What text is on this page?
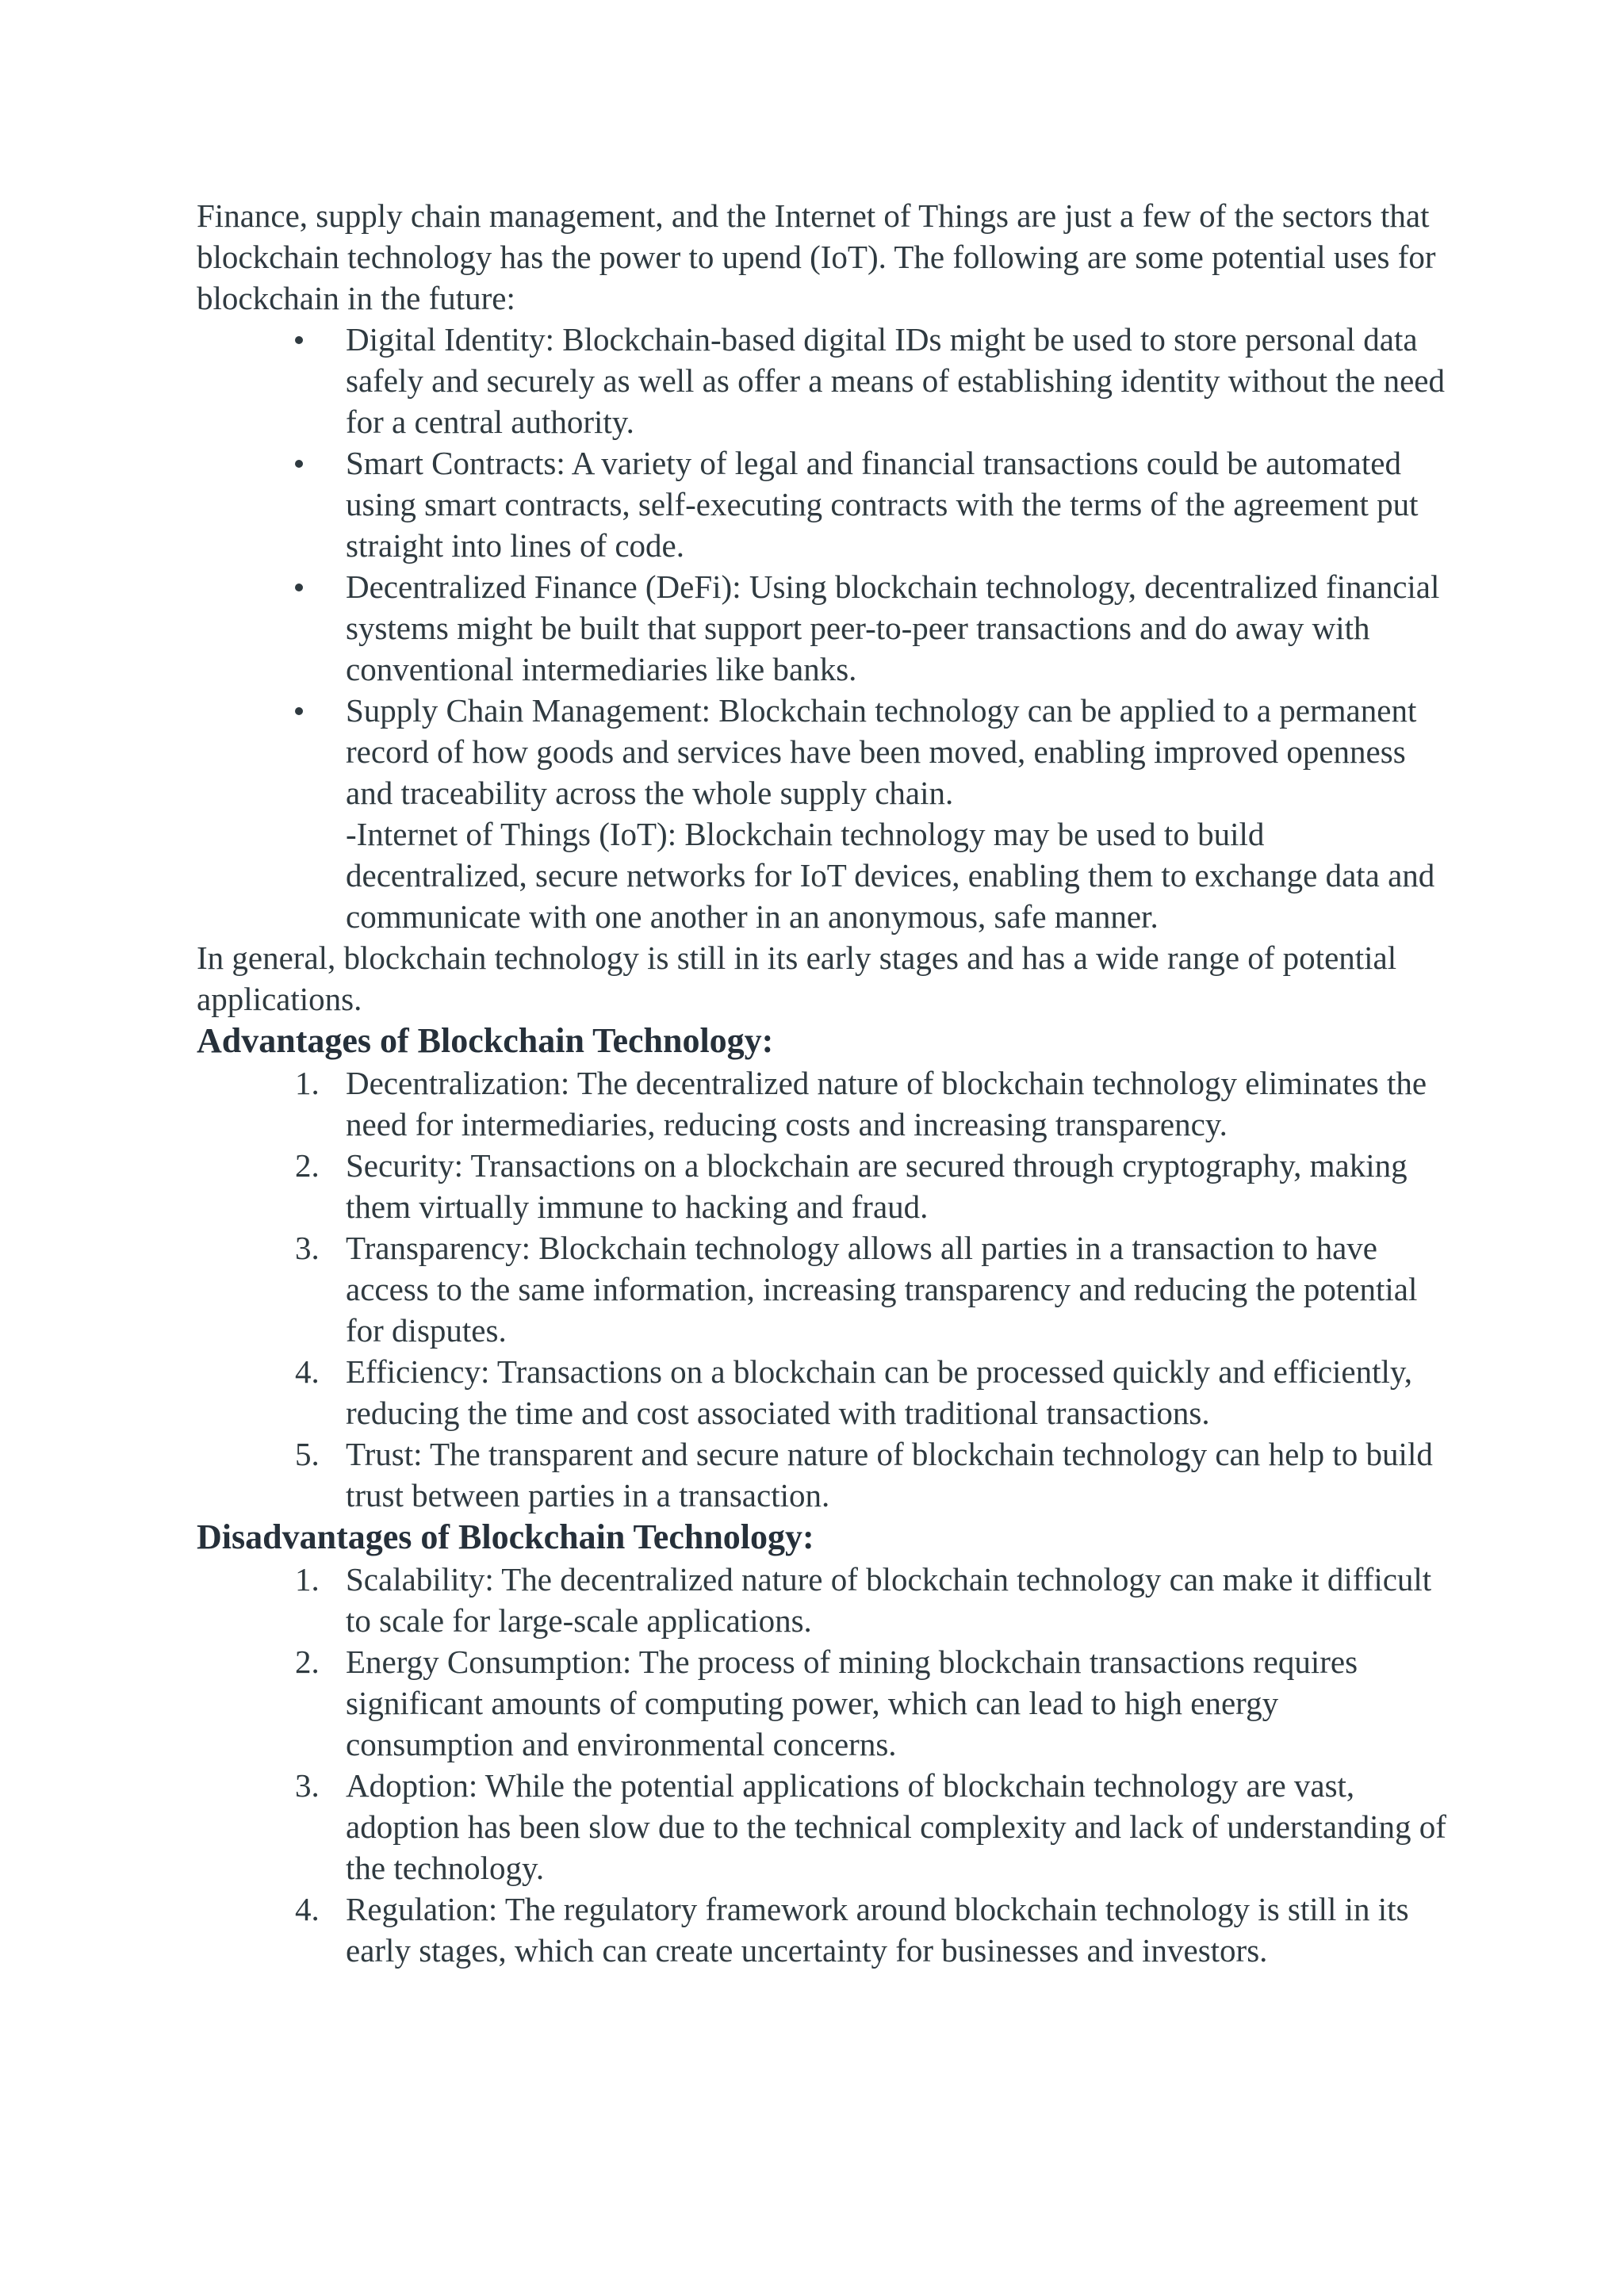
Finance, supply chain management, and the Internet of Things are just a few of the sectors that blockchain technology has the power to upend (IoT). The following are some potential uses for blockchain in the future:

Digital Identity: Blockchain-based digital IDs might be used to store personal data safely and securely as well as offer a means of establishing identity without the need for a central authority.
Smart Contracts: A variety of legal and financial transactions could be automated using smart contracts, self-executing contracts with the terms of the agreement put straight into lines of code.
Decentralized Finance (DeFi): Using blockchain technology, decentralized financial systems might be built that support peer-to-peer transactions and do away with conventional intermediaries like banks.
Supply Chain Management: Blockchain technology can be applied to a permanent record of how goods and services have been moved, enabling improved openness and traceability across the whole supply chain.

-Internet of Things (IoT): Blockchain technology may be used to build decentralized, secure networks for IoT devices, enabling them to exchange data and communicate with one another in an anonymous, safe manner.

In general, blockchain technology is still in its early stages and has a wide range of potential applications.

Advantages of Blockchain Technology:
1. Decentralization: The decentralized nature of blockchain technology eliminates the need for intermediaries, reducing costs and increasing transparency.
2. Security: Transactions on a blockchain are secured through cryptography, making them virtually immune to hacking and fraud.
3. Transparency: Blockchain technology allows all parties in a transaction to have access to the same information, increasing transparency and reducing the potential for disputes.
4. Efficiency: Transactions on a blockchain can be processed quickly and efficiently, reducing the time and cost associated with traditional transactions.
5. Trust: The transparent and secure nature of blockchain technology can help to build trust between parties in a transaction.
Disadvantages of Blockchain Technology:
1. Scalability: The decentralized nature of blockchain technology can make it difficult to scale for large-scale applications.
2. Energy Consumption: The process of mining blockchain transactions requires significant amounts of computing power, which can lead to high energy consumption and environmental concerns.
3. Adoption: While the potential applications of blockchain technology are vast, adoption has been slow due to the technical complexity and lack of understanding of the technology.
4. Regulation: The regulatory framework around blockchain technology is still in its early stages, which can create uncertainty for businesses and investors.
